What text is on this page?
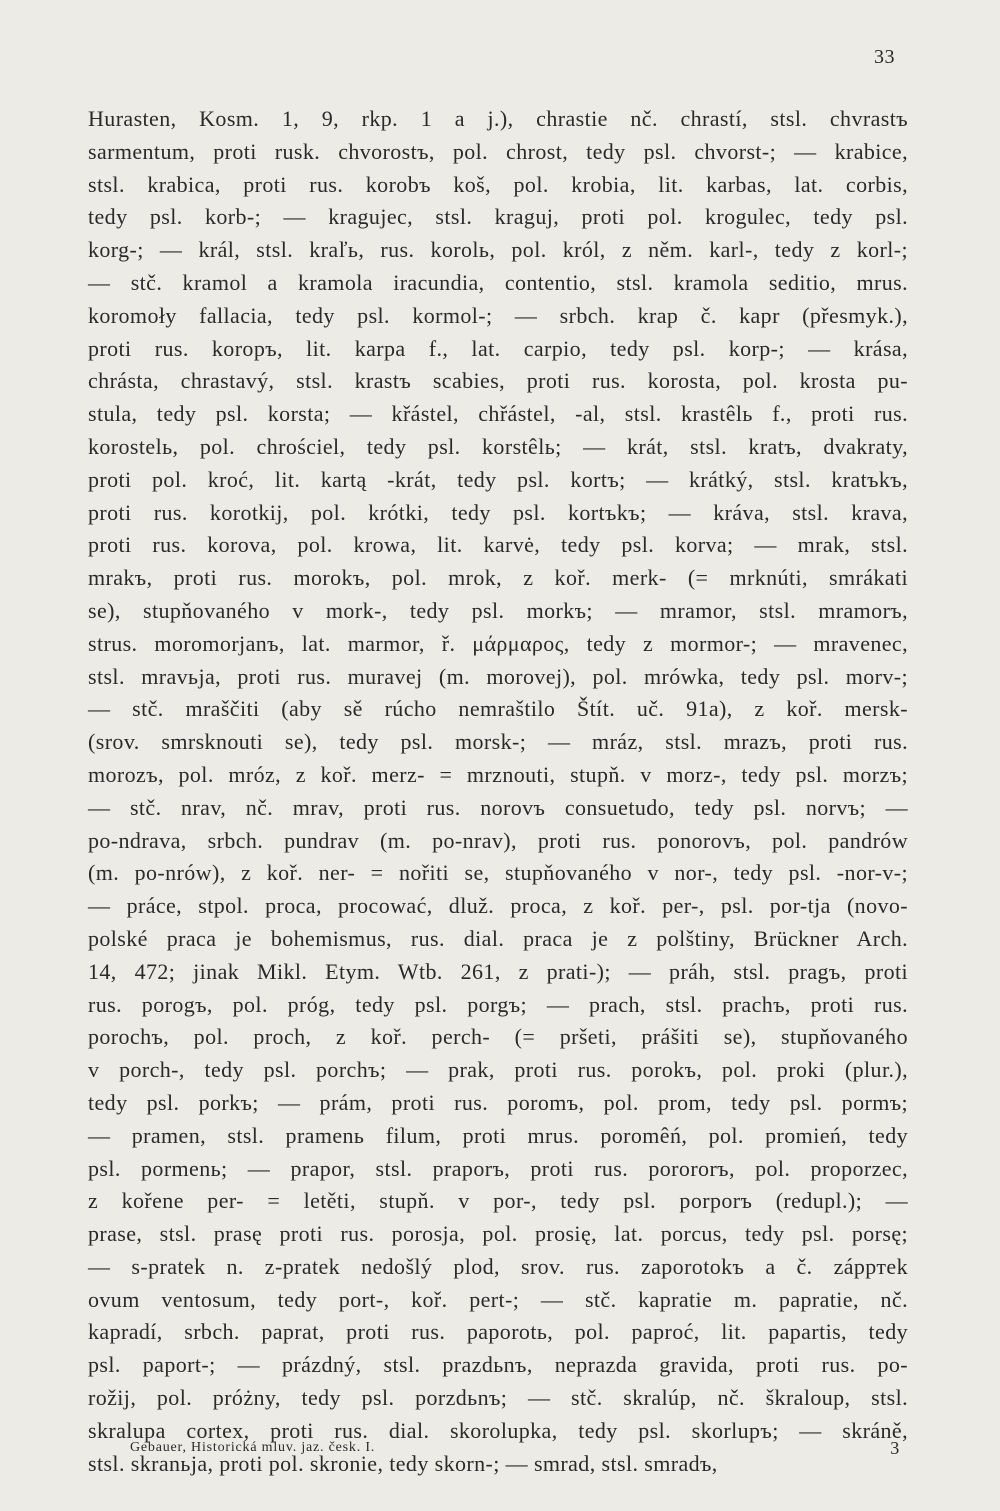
33
Hurasten, Kosm. 1, 9, rkp. 1 a j.), chrastie nč. chrastí, stsl. chvrastъ
sarmentum, proti rusk. chvorostъ, pol. chrost, tedy psl. chvorst-; — krabice,
stsl. krabica, proti rus. korobъ koš, pol. krobia, lit. karbas, lat. corbis,
tedy psl. korb-; — kragujec, stsl. kraguj, proti pol. krogulec, tedy psl.
korg-; — král, stsl. kraľь, rus. korolь, pol. król, z něm. karl-, tedy z korl-;
— stč. kramol a kramola iracundia, contentio, stsl. kramola seditio, mrus.
koromoły fallacia, tedy psl. kormol-; — srbch. krap č. kapr (přesmyk.),
proti rus. koropъ, lit. karpa f., lat. carpio, tedy psl. korp-; — krása,
chrásta, chrastavý, stsl. krastъ scabies, proti rus. korosta, pol. krosta pu-
stula, tedy psl. korsta; — křástel, chřástel, -al, stsl. krastêlь f., proti rus.
korostelь, pol. chrościel, tedy psl. korstêlь; — krát, stsl. kratъ, dvakraty,
proti pol. kroć, lit. kartą -krát, tedy psl. kortъ; — krátký, stsl. kratъkъ,
proti rus. korotkij, pol. krótki, tedy psl. kortъkъ; — kráva, stsl. krava,
proti rus. korova, pol. krowa, lit. karvė, tedy psl. korva; — mrak, stsl.
mrakъ, proti rus. morokъ, pol. mrok, z koř. merk- (= mrknúti, smrákati
se), stupňovaného v mork-, tedy psl. morkъ; — mramor, stsl. mramorъ,
strus. moromorjanъ, lat. marmor, ř. μάρμαρος, tedy z mormor-; — mravenec,
stsl. mravьja, proti rus. muravej (m. morovej), pol. mrówka, tedy psl. morv-;
— stč. mraščiti (aby sě rúcho nemraštilo Štít. uč. 91a), z koř. mersk-
(srov. smrsknouti se), tedy psl. morsk-; — mráz, stsl. mrazъ, proti rus.
morozъ, pol. mróz, z koř. merz- = mrznouti, stupň. v morz-, tedy psl. morzъ;
— stč. nrav, nč. mrav, proti rus. norovъ consuetudo, tedy psl. norvъ; —
po-ndrava, srbch. pundrav (m. po-nrav), proti rus. ponorovъ, pol. pandrów
(m. po-nrów), z koř. ner- = nořiti se, stupňovaného v nor-, tedy psl. -nor-v-;
— práce, stpol. proca, procować, dluž. proca, z koř. per-, psl. por-tja (novo-
polské praca je bohemismus, rus. dial. praca je z polštiny, Brückner Arch.
14, 472; jinak Mikl. Etym. Wtb. 261, z prati-); — práh, stsl. pragъ, proti
rus. porogъ, pol. próg, tedy psl. porgъ; — prach, stsl. prachъ, proti rus.
porochъ, pol. proch, z koř. perch- (= pršeti, prášiti se), stupňovaného
v porch-, tedy psl. porchъ; — prak, proti rus. porokъ, pol. proki (plur.),
tedy psl. porkъ; — prám, proti rus. poromъ, pol. prom, tedy psl. pormъ;
— pramen, stsl. pramenь filum, proti mrus. poromêń, pol. promień, tedy
psl. pormenь; — prapor, stsl. praporъ, proti rus. porororъ, pol. proporzec,
z kořene per- = letěti, stupň. v por-, tedy psl. porporъ (redupl.); —
prase, stsl. prasę proti rus. porosja, pol. prosię, lat. porcus, tedy psl. porsę;
— s-pratek n. z-pratek nedošlý plod, srov. rus. zaporotokъ a č. zápртek
ovum ventosum, tedy port-, koř. pert-; — stč. kapratie m. papratie, nč.
kapradí, srbch. paprat, proti rus. paporotь, pol. paproć, lit. papartis, tedy
psl. paport-; — prázdný, stsl. prazdьnъ, neprazda gravida, proti rus. po-
rožij, pol. próżny, tedy psl. porzdьnъ; — stč. skralúp, nč. škraloup, stsl.
skralupa cortex, proti rus. dial. skorolupka, tedy psl. skorlupъ; — skráně,
stsl. skranьja, proti pol. skronie, tedy skorn-; — smrad, stsl. smradъ,
Gebauer, Historická mluv. jaz. česk. I.	3
